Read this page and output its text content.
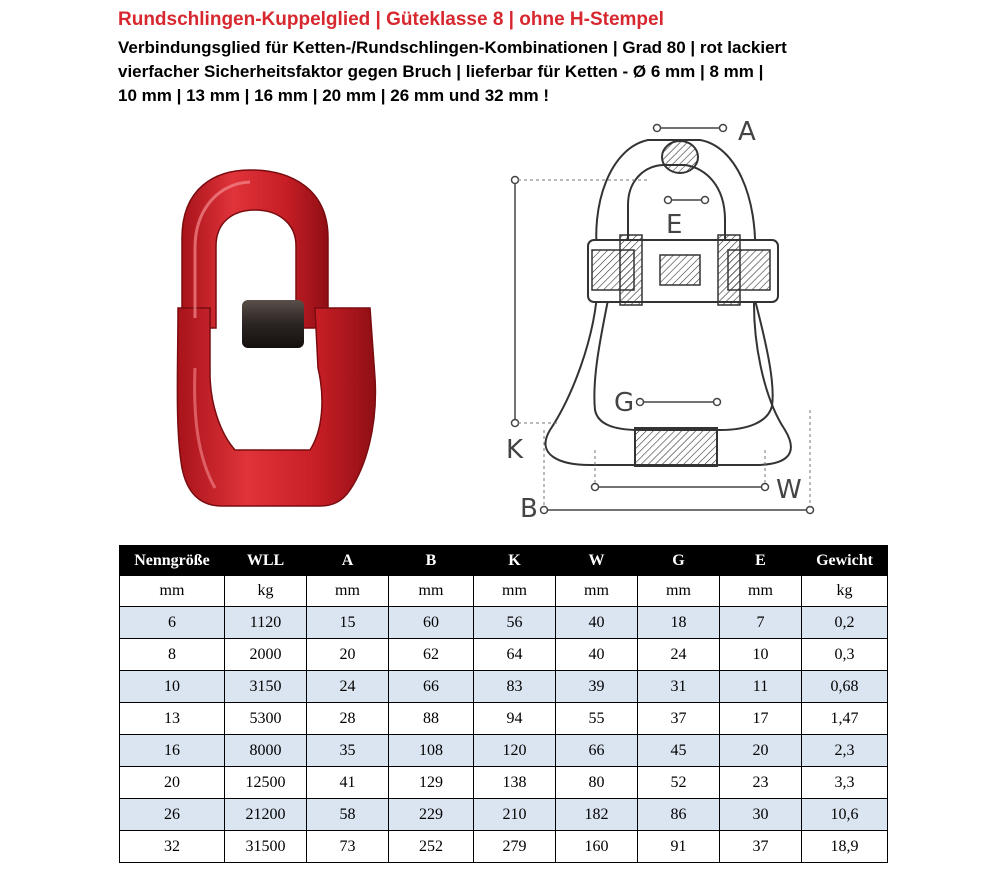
Rundschlingen-Kuppelglied | Güteklasse 8 | ohne H-Stempel
Verbindungsglied für Ketten-/Rundschlingen-Kombinationen | Grad 80 | rot lackiert
vierfacher Sicherheitsfaktor gegen Bruch | lieferbar für Ketten - Ø 6 mm | 8 mm |
10 mm | 13 mm | 16 mm | 20 mm | 26 mm und 32 mm !
A
E
G
K
W
B
Nenngröße	WLL	A	B	K	W	G	E	Gewicht
mm	kg	mm	mm	mm	mm	mm	mm	kg
6	1120	15	60	56	40	18	7	0,2
8	2000	20	62	64	40	24	10	0,3
10	3150	24	66	83	39	31	11	0,68
13	5300	28	88	94	55	37	17	1,47
16	8000	35	108	120	66	45	20	2,3
20	12500	41	129	138	80	52	23	3,3
26	21200	58	229	210	182	86	30	10,6
32	31500	73	252	279	160	91	37	18,9
